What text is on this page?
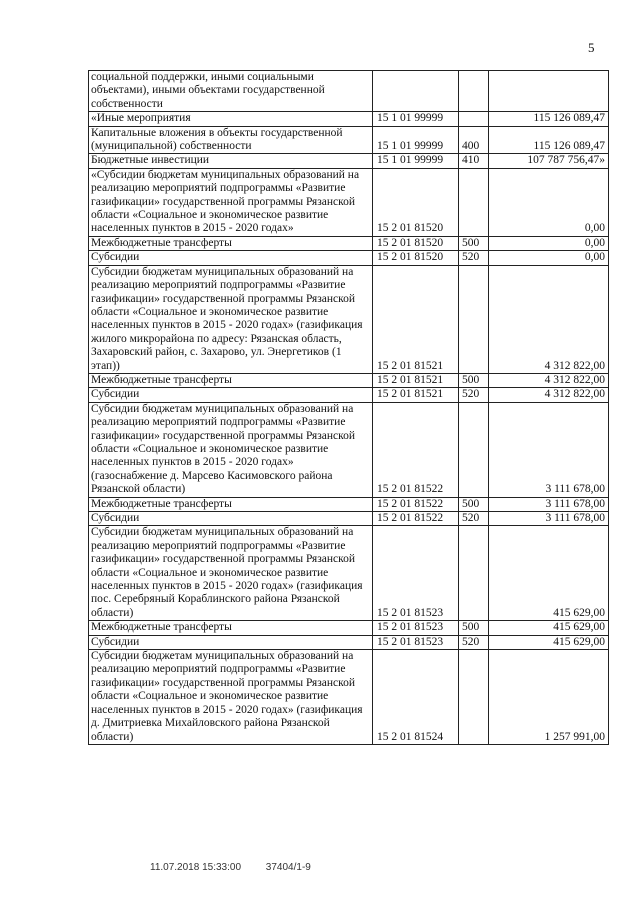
5
социальной поддержки, иными социальными объектами), иными объектами государственной собственности			
«Иные мероприятия	15 1 01 99999		115 126 089,47
Капитальные вложения в объекты государственной (муниципальной) собственности	15 1 01 99999	400	115 126 089,47
Бюджетные инвестиции	15 1 01 99999	410	107 787 756,47»
«Субсидии бюджетам муниципальных образований на реализацию мероприятий подпрограммы «Развитие газификации» государственной программы Рязанской области «Социальное и экономическое развитие населенных пунктов в 2015 - 2020 годах»	15 2 01 81520		0,00
Межбюджетные трансферты	15 2 01 81520	500	0,00
Субсидии	15 2 01 81520	520	0,00
Субсидии бюджетам муниципальных образований на реализацию мероприятий подпрограммы «Развитие газификации» государственной программы Рязанской области «Социальное и экономическое развитие населенных пунктов в 2015 - 2020 годах» (газификация жилого микрорайона по адресу: Рязанская область, Захаровский район, с. Захарово, ул. Энергетиков (1 этап))	15 2 01 81521		4 312 822,00
Межбюджетные трансферты	15 2 01 81521	500	4 312 822,00
Субсидии	15 2 01 81521	520	4 312 822,00
Субсидии бюджетам муниципальных образований на реализацию мероприятий подпрограммы «Развитие газификации» государственной программы Рязанской области «Социальное и экономическое развитие населенных пунктов в 2015 - 2020 годах» (газоснабжение д. Марсево Касимовского района Рязанской области)	15 2 01 81522		3 111 678,00
Межбюджетные трансферты	15 2 01 81522	500	3 111 678,00
Субсидии	15 2 01 81522	520	3 111 678,00
Субсидии бюджетам муниципальных образований на реализацию мероприятий подпрограммы «Развитие газификации» государственной программы Рязанской области «Социальное и экономическое развитие населенных пунктов в 2015 - 2020 годах» (газификация пос. Серебряный Кораблинского района Рязанской области)	15 2 01 81523		415 629,00
Межбюджетные трансферты	15 2 01 81523	500	415 629,00
Субсидии	15 2 01 81523	520	415 629,00
Субсидии бюджетам муниципальных образований на реализацию мероприятий подпрограммы «Развитие газификации» государственной программы Рязанской области «Социальное и экономическое развитие населенных пунктов в 2015 - 2020 годах» (газификация д. Дмитриевка Михайловского района Рязанской области)	15 2 01 81524		1 257 991,00
11.07.2018 15:33:00 37404/1-9
